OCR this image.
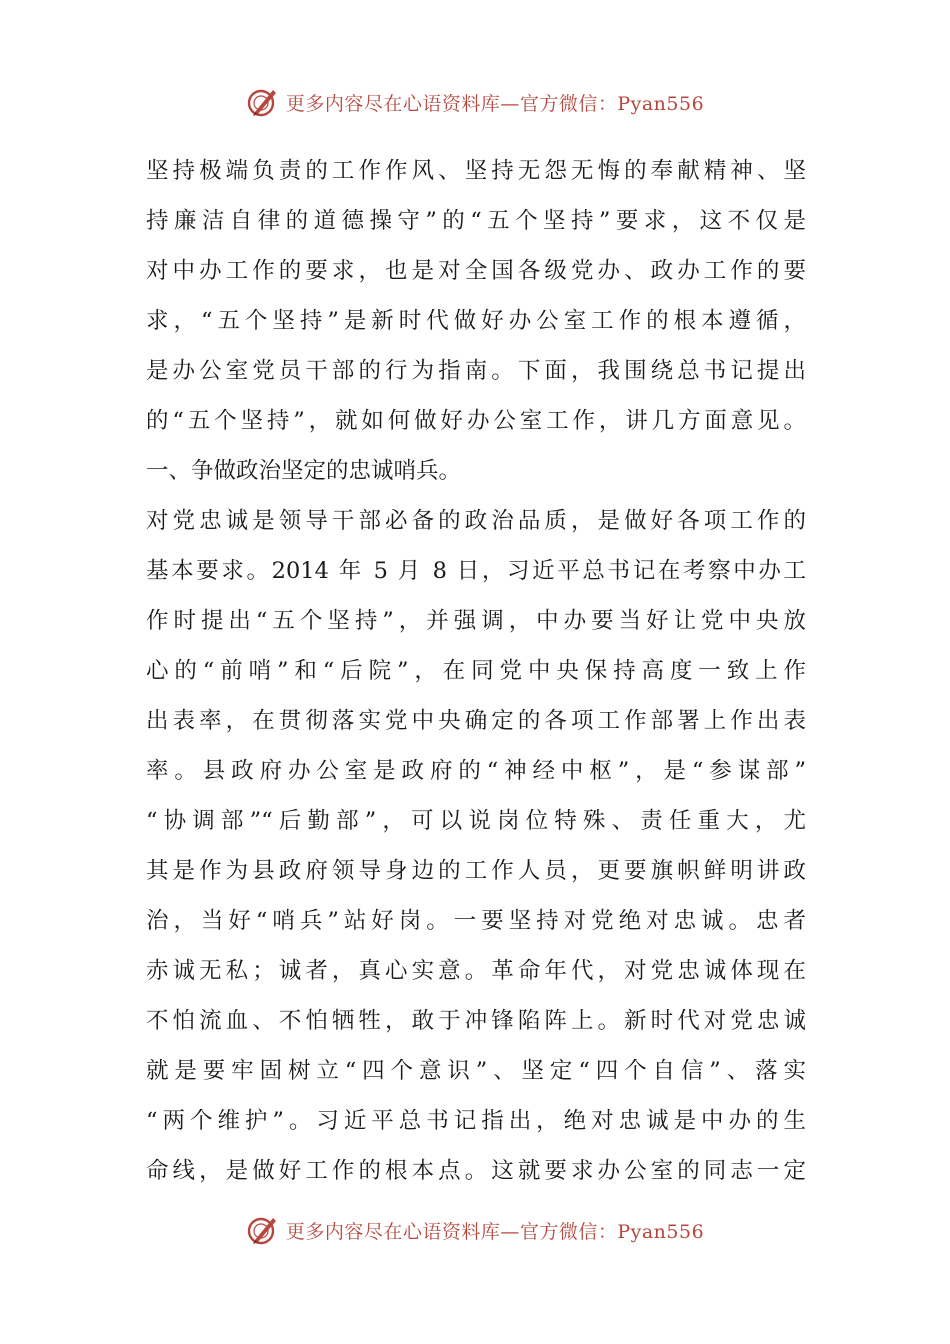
更多内容尽在心语资料库—官方微信：Pyan556
坚持极端负责的工作作风、坚持无怨无悔的奉献精神、坚
持廉洁自律的道德操守”的“五个坚持”要求，这不仅是
对中办工作的要求，也是对全国各级党办、政办工作的要
求，“五个坚持”是新时代做好办公室工作的根本遵循，
是办公室党员干部的行为指南。下面，我围绕总书记提出
的“五个坚持”，就如何做好办公室工作，讲几方面意见。
一、争做政治坚定的忠诚哨兵。
对党忠诚是领导干部必备的政治品质，是做好各项工作的
基本要求。2014 年 5 月 8 日，习近平总书记在考察中办工
作时提出“五个坚持”，并强调，中办要当好让党中央放
心的“前哨”和“后院”，在同党中央保持高度一致上作
出表率，在贯彻落实党中央确定的各项工作部署上作出表
率。县政府办公室是政府的“神经中枢”，是“参谋部”
“协调部”“后勤部”，可以说岗位特殊、责任重大，尤
其是作为县政府领导身边的工作人员，更要旗帜鲜明讲政
治，当好“哨兵”站好岗。一要坚持对党绝对忠诚。忠者
赤诚无私；诚者，真心实意。革命年代，对党忠诚体现在
不怕流血、不怕牺牲，敢于冲锋陷阵上。新时代对党忠诚
就是要牢固树立“四个意识”、坚定“四个自信”、落实
“两个维护”。习近平总书记指出，绝对忠诚是中办的生
命线，是做好工作的根本点。这就要求办公室的同志一定
更多内容尽在心语资料库—官方微信：Pyan556
